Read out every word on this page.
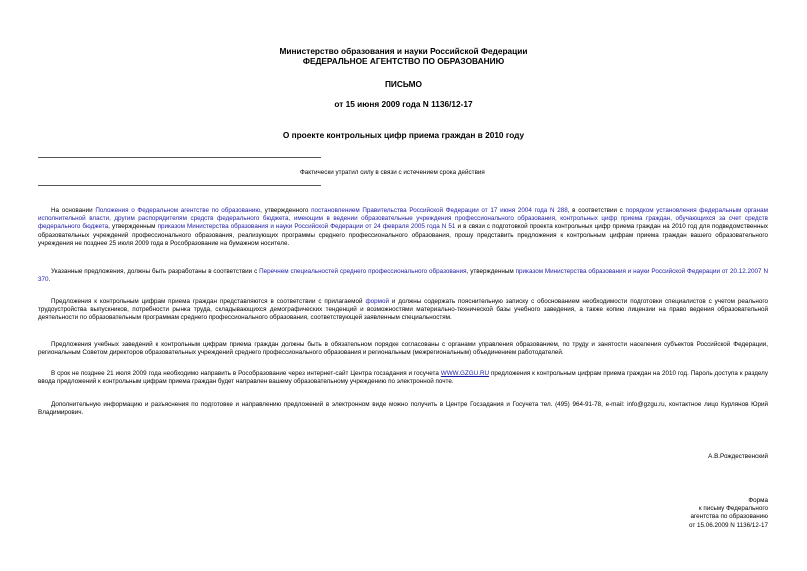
Министерство образования и науки Российской Федерации
ФЕДЕРАЛЬНОЕ АГЕНТСТВО ПО ОБРАЗОВАНИЮ
ПИСЬМО
от 15 июня 2009 года N 1136/12-17
О проекте контрольных цифр приема граждан в 2010 году
Фактически утратил силу в связи с истечением срока действия
На основании Положения о Федеральном агентстве по образованию, утвержденного постановлением Правительства Российской Федерации от 17 июня 2004 года N 288, в соответствии с порядком установления федеральным органам исполнительной власти, другим распорядителям средств федерального бюджета, имеющим в ведении образовательные учреждения профессионального образования, контрольных цифр приема граждан, обучающихся за счет средств федерального бюджета, утвержденным приказом Министерства образования и науки Российской Федерации от 24 февраля 2005 года N 51 и в связи с подготовкой проекта контрольных цифр приема граждан на 2010 год для подведомственных образовательных учреждений профессионального образования, реализующих программы среднего профессионального образования, прошу представить предложения к контрольным цифрам приема граждан вашего образовательного учреждения не позднее 25 июля 2009 года в Рособразование на бумажном носителе.
Указанные предложения, должны быть разработаны в соответствии с Перечнем специальностей среднего профессионального образования, утвержденным приказом Министерства образования и науки Российской Федерации от 20.12.2007 N 370.
Предложения к контрольным цифрам приема граждан представляются в соответствии с прилагаемой формой и должны содержать пояснительную записку с обоснованием необходимости подготовки специалистов с учетом реального трудоустройства выпускников, потребности рынка труда, складывающихся демографических тенденций и возможностями материально-технической базы учебного заведения, а также копию лицензии на право ведения образовательной деятельности по образовательным программам среднего профессионального образования, соответствующей заявленным специальностям.
Предложения учебных заведений к контрольным цифрам приема граждан должны быть в обязательном порядке согласованы с органами управления образованием, по труду и занятости населения субъектов Российской Федерации, региональным Советом директоров образовательных учреждений среднего профессионального образования и региональным (межрегиональным) объединением работодателей.
В срок не позднее 21 июля 2009 года необходимо направить в Рособразование через интернет-сайт Центра госзадания и госучета WWW.GZGU.RU предложения к контрольным цифрам приема граждан на 2010 год. Пароль доступа к разделу ввода предложений к контрольным цифрам приема граждан будет направлен вашему образовательному учреждению по электронной почте.
Дополнительную информацию и разъяснения по подготовке и направлению предложений в электронном виде можно получить в Центре Госзадания и Госучета тел. (495) 964-91-78, e-mail: info@gzgu.ru, контактное лицо Курлянов Юрий Владимирович.
А.В.Рождественский
Форма
к письму Федерального
агентства по образованию
от 15.06.2009 N 1136/12-17
